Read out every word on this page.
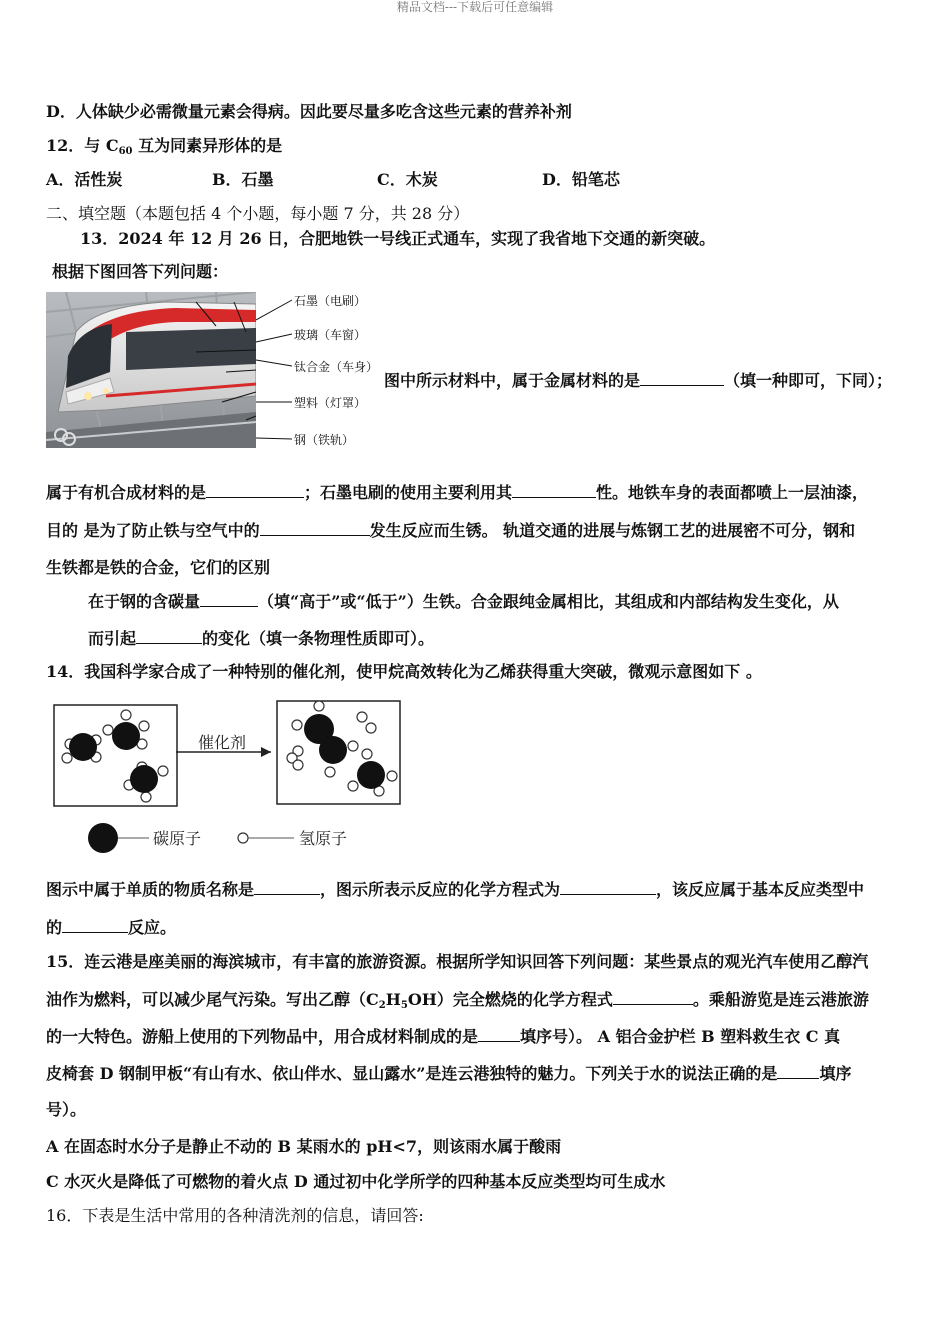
精品文档---下载后可任意编辑
D．人体缺少必需微量元素会得病。因此要尽量多吃含这些元素的营养补剂
12．与 $C_{60}$ 互为同素异形体的是
A．活性炭	B．石墨	C．木炭	D．铅笔芯
二、填空题（本题包括 4 个小题，每小题 7 分，共 28 分）
13．2024 年 12 月 26 日，合肥地铁一号线正式通车，实现了我省地下交通的新突破。
根据下图回答下列问题：
石墨（电刷）
玻璃（车窗）
钛合金（车身）
塑料（灯罩）
钢（铁轨）
图中所示材料中，属于金属材料的是	（填一种即可，下同）；
属于有机合成材料的是	；石墨电刷的使用主要利用其	性。地铁车身的表面都喷上一层油漆，
目的 是为了防止铁与空气中的	发生反应而生锈。 轨道交通的进展与炼钢工艺的进展密不可分，钢和
生铁都是铁的合金，它们的区别
在于钢的含碳量	（填“高于”或“低于”）生铁。合金跟纯金属相比，其组成和内部结构发生变化，从
而引起	的变化（填一条物理性质即可）。
14．我国科学家合成了一种特别的催化剂，使甲烷高效转化为乙烯获得重大突破，微观示意图如下 。
催化剂
碳原子	氢原子
图示中属于单质的物质名称是	，图示所表示反应的化学方程式为	，该反应属于基本反应类型中
的	反应。
15．连云港是座美丽的海滨城市，有丰富的旅游资源。根据所学知识回答下列问题：某些景点的观光汽车使用乙醇汽
油作为燃料，可以减少尾气污染。写出乙醇$(C_2H_5OH)$完全燃烧的化学方程式	。乘船游览是连云港旅游
的一大特色。游船上使用的下列物品中，用合成材料制成的是	填序号）。 A 铝合金护栏 B 塑料救生衣 C 真
皮椅套 D 钢制甲板“有山有水、依山伴水、显山露水”是连云港独特的魅力。下列关于水的说法正确的是	填序
号）。
A 在固态时水分子是静止不动的 B 某雨水的 pH<7，则该雨水属于酸雨
C 水灭火是降低了可燃物的着火点 D 通过初中化学所学的四种基本反应类型均可生成水
16．下表是生活中常用的各种清洗剂的信息，请回答:
